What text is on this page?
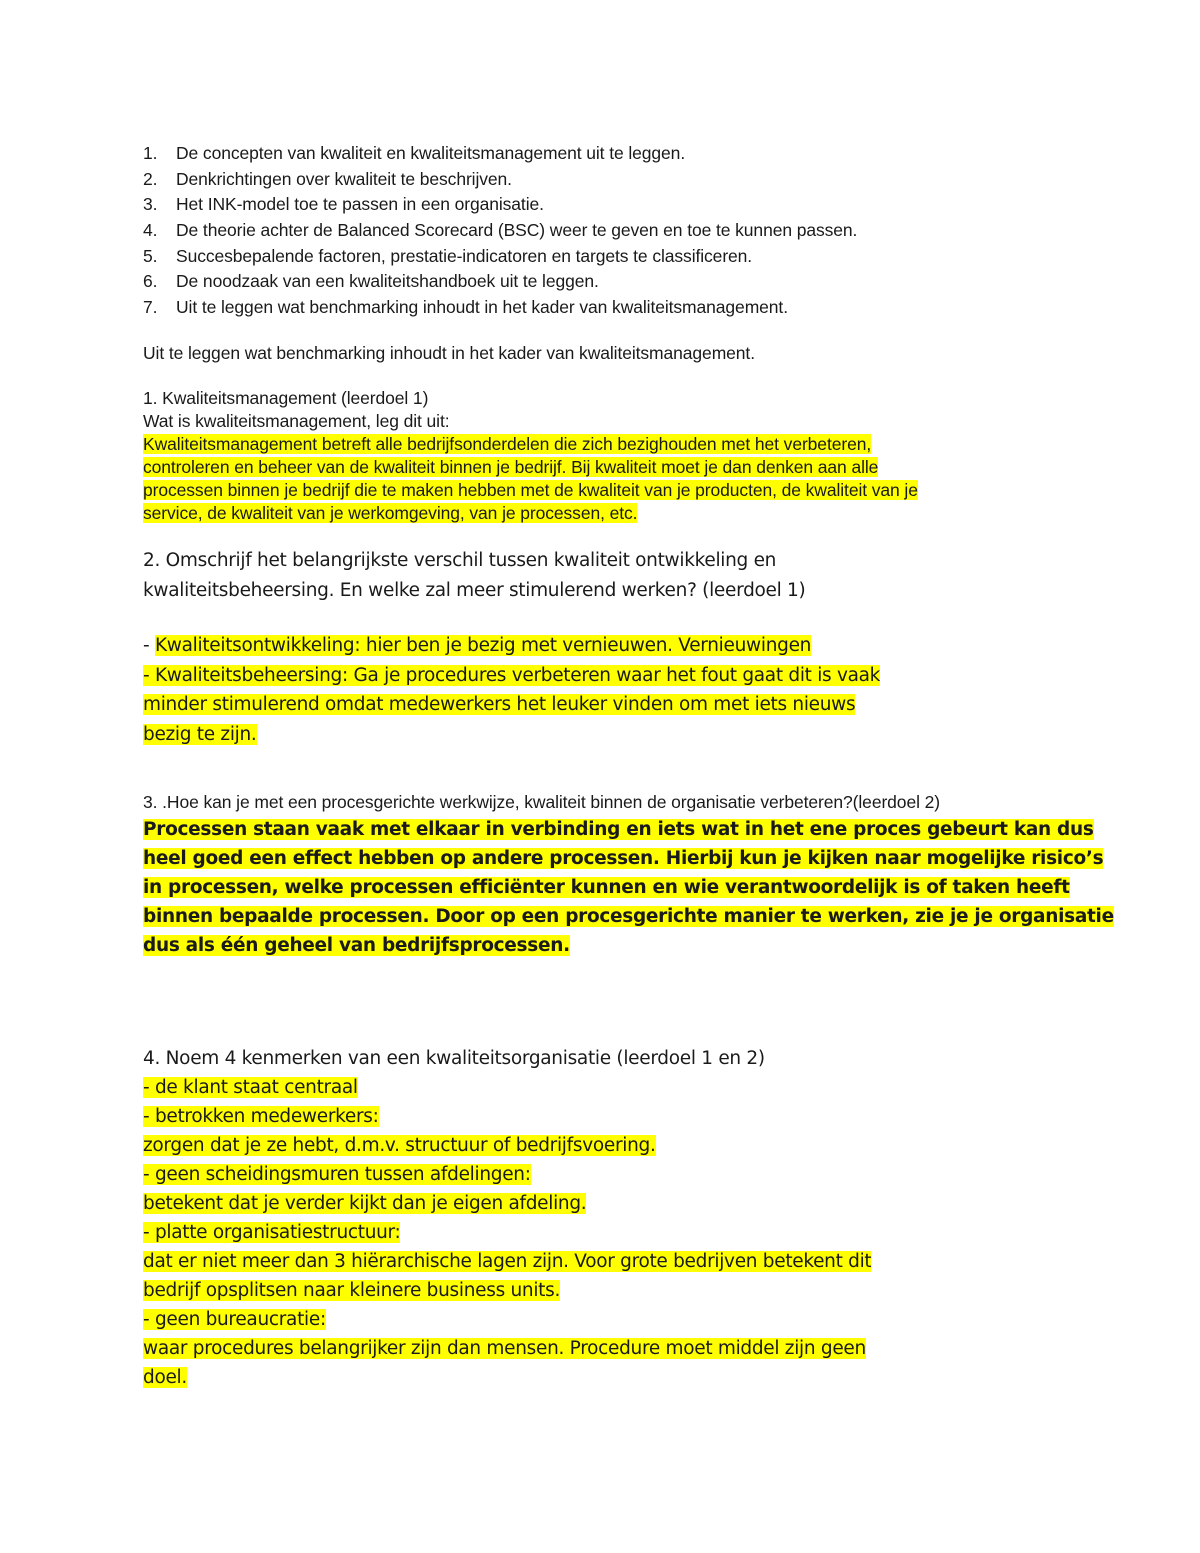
1.	De concepten van kwaliteit en kwaliteitsmanagement uit te leggen.
2.	Denkrichtingen over kwaliteit te beschrijven.
3.	Het INK-model toe te passen in een organisatie.
4.	De theorie achter de Balanced Scorecard (BSC) weer te geven en toe te kunnen passen.
5.	Succesbepalende factoren, prestatie-indicatoren en targets te classificeren.
6.	De noodzaak van een kwaliteitshandboek uit te leggen.
7.	Uit te leggen wat benchmarking inhoudt in het kader van kwaliteitsmanagement.
Uit te leggen wat benchmarking inhoudt in het kader van kwaliteitsmanagement.
1. Kwaliteitsmanagement (leerdoel 1)
Wat is kwaliteitsmanagement, leg dit uit:
Kwaliteitsmanagement betreft alle bedrijfsonderdelen die zich bezighouden met het verbeteren,
controleren en beheer van de kwaliteit binnen je bedrijf. Bij kwaliteit moet je dan denken aan alle
processen binnen je bedrijf die te maken hebben met de kwaliteit van je producten, de kwaliteit van je
service, de kwaliteit van je werkomgeving, van je processen, etc.
2. Omschrijf het belangrijkste verschil tussen kwaliteit ontwikkeling en
kwaliteitsbeheersing. En welke zal meer stimulerend werken? (leerdoel 1)
- Kwaliteitsontwikkeling: hier ben je bezig met vernieuwen. Vernieuwingen
- Kwaliteitsbeheersing: Ga je procedures verbeteren waar het fout gaat dit is vaak
minder stimulerend omdat medewerkers het leuker vinden om met iets nieuws
bezig te zijn.
3. .Hoe kan je met een procesgerichte werkwijze, kwaliteit binnen de organisatie verbeteren?(leerdoel 2)
Processen staan vaak met elkaar in verbinding en iets wat in het ene proces gebeurt kan dus
heel goed een effect hebben op andere processen. Hierbij kun je kijken naar mogelijke risico’s
in processen, welke processen efficiënter kunnen en wie verantwoordelijk is of taken heeft
binnen bepaalde processen. Door op een procesgerichte manier te werken, zie je je organisatie
dus als één geheel van bedrijfsprocessen.
4. Noem 4 kenmerken van een kwaliteitsorganisatie (leerdoel 1 en 2)
- de klant staat centraal
- betrokken medewerkers:
zorgen dat je ze hebt, d.m.v. structuur of bedrijfsvoering.
- geen scheidingsmuren tussen afdelingen:
betekent dat je verder kijkt dan je eigen afdeling.
- platte organisatiestructuur:
dat er niet meer dan 3 hiërarchische lagen zijn. Voor grote bedrijven betekent dit
bedrijf opsplitsen naar kleinere business units.
- geen bureaucratie:
waar procedures belangrijker zijn dan mensen. Procedure moet middel zijn geen
doel.
